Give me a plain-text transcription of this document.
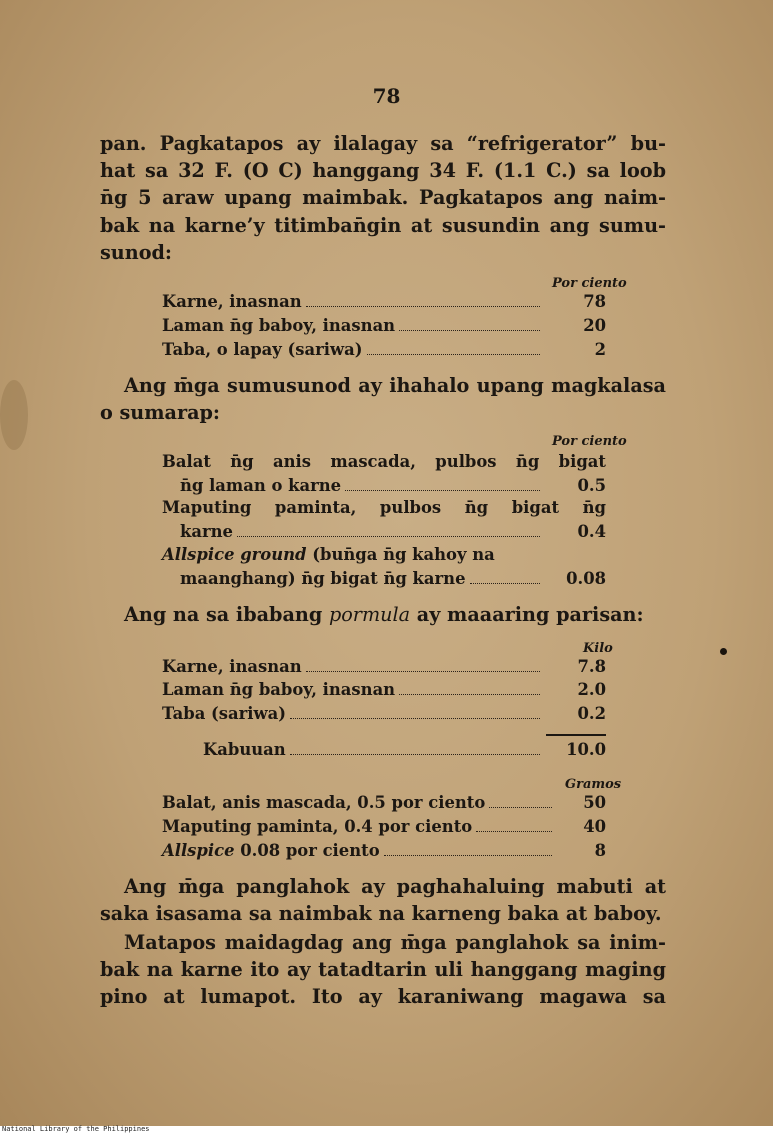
78
pan. Pagkatapos ay ilalagay sa “refrigerator” bu-
hat sa 32 F. (O C) hanggang 34 F. (1.1 C.) sa loob
n̄g 5 araw upang maimbak. Pagkatapos ang naim-
bak na karne’y titimban̄gin at susundin ang sumu-
sunod:
Por ciento
Karne, inasnan	78
Laman n̄g baboy, inasnan	20
Taba, o lapay (sariwa)	2
Ang m̄ga sumusunod ay ihahalo upang magkalasa
o sumarap:
Por ciento
Balat n̄g anis mascada, pulbos n̄g bigat
n̄g laman o karne	0.5
Maputing paminta, pulbos n̄g bigat n̄g
karne	0.4
Allspice ground (bun̄ga n̄g kahoy na
maanghang) n̄g bigat n̄g karne	0.08
Ang na sa ibabang pormula ay maaaring parisan:
Kilo
Karne, inasnan	7.8
Laman n̄g baboy, inasnan	2.0
Taba (sariwa)	0.2
Kabuuan	10.0
Gramos
Balat, anis mascada, 0.5 por ciento	50
Maputing paminta, 0.4 por ciento	40
Allspice 0.08 por ciento	8
Ang m̄ga panglahok ay paghahaluing mabuti at
saka isasama sa naimbak na karneng baka at baboy.
Matapos maidagdag ang m̄ga panglahok sa inim-
bak na karne ito ay tatadtarin uli hanggang maging
pino at lumapot. Ito ay karaniwang magawa sa
National Library of the Philippines
